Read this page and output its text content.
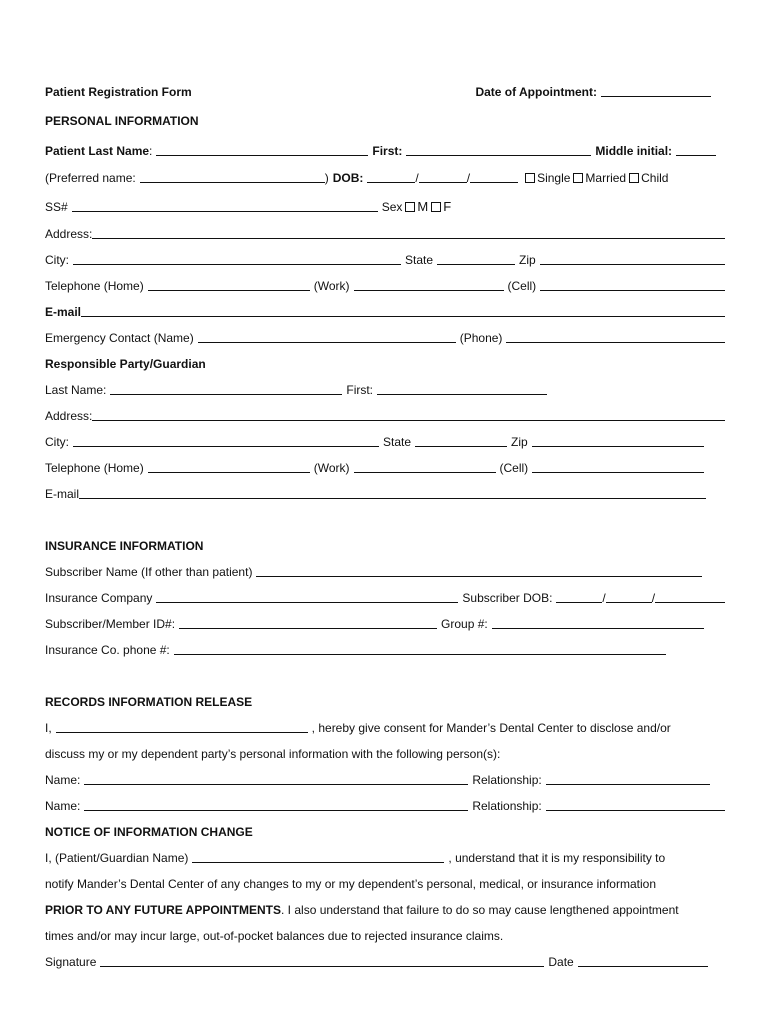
Patient Registration Form	Date of Appointment:
PERSONAL INFORMATION
Patient Last Name :	First:	Middle initial:
(Preferred name:	) DOB:	/	/	Single Married Child
SS#	Sex M F
Address:
City:	State	Zip
Telephone (Home)	(Work)	(Cell)
E-mail
Emergency Contact (Name)	(Phone)
Responsible Party/Guardian
Last Name:	First:
Address:
City:	State	Zip
Telephone (Home)	(Work)	(Cell)
E-mail
INSURANCE INFORMATION
Subscriber Name (If other than patient)
Insurance Company	Subscriber DOB:	/	/
Subscriber/Member ID#:	Group #:
Insurance Co. phone #:
RECORDS INFORMATION RELEASE
I,	, hereby give consent for Mander’s Dental Center to disclose and/or
discuss my or my dependent party’s personal information with the following person(s):
Name:	Relationship:
Name:	Relationship:
NOTICE OF INFORMATION CHANGE
I, (Patient/Guardian Name)	, understand that it is my responsibility to
notify Mander’s Dental Center of any changes to my or my dependent’s personal, medical, or insurance information
PRIOR TO ANY FUTURE APPOINTMENTS . I also understand that failure to do so may cause lengthened appointment
times and/or may incur large, out-of-pocket balances due to rejected insurance claims.
Signature	Date
